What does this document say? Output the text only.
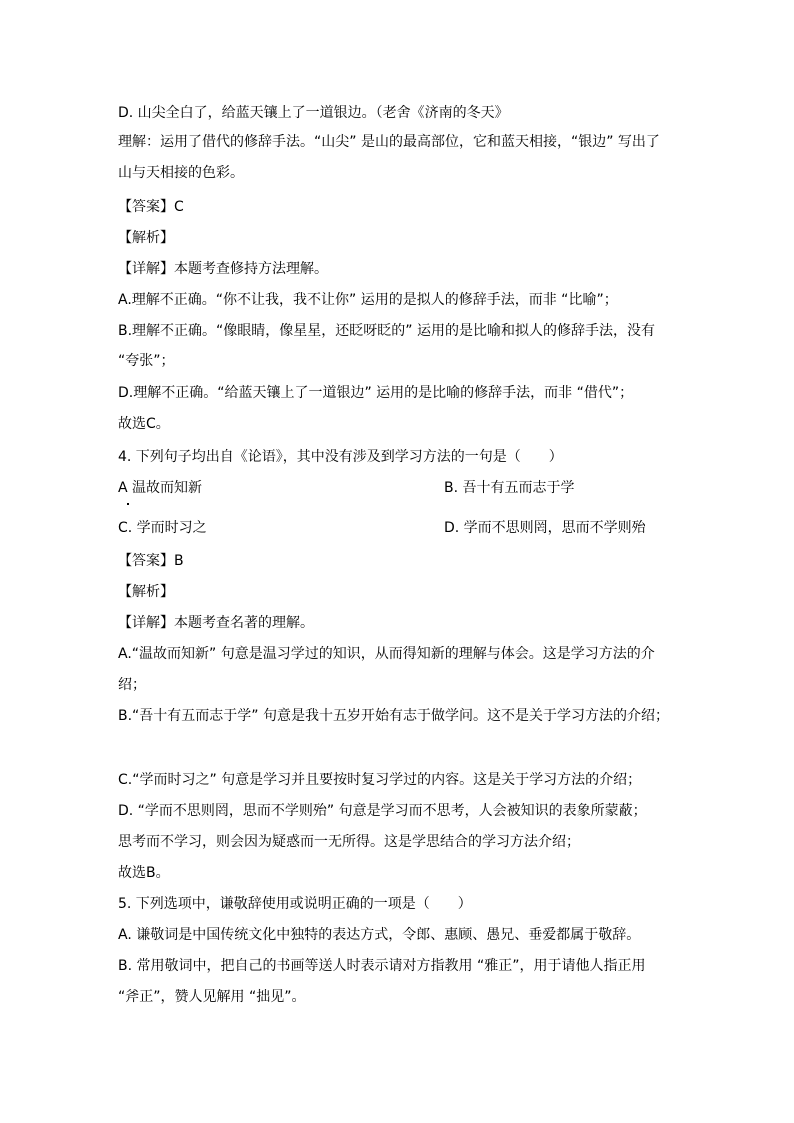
D. 山尖全白了，给蓝天镶上了一道银边。（老舍《济南的冬天》
理解：运用了借代的修辞手法。“山尖” 是山的最高部位，它和蓝天相接，“银边” 写出了
山与天相接的色彩。
【答案】C
【解析】
【详解】本题考查修持方法理解。
A.理解不正确。“你不让我，我不让你” 运用的是拟人的修辞手法，而非 “比喻”；
B.理解不正确。“像眼睛，像星星，还眨呀眨的” 运用的是比喻和拟人的修辞手法，没有
“夸张”；
D.理解不正确。“给蓝天镶上了一道银边” 运用的是比喻的修辞手法，而非 “借代”；
故选C。
4. 下列句子均出自《论语》，其中没有涉及到学习方法的一句是（　　）
A 温故而知新	B. 吾十有五而志于学
C. 学而时习之	D. 学而不思则罔，思而不学则殆
【答案】B
【解析】
【详解】本题考查名著的理解。
A.“温故而知新” 句意是温习学过的知识，从而得知新的理解与体会。这是学习方法的介
绍；
B.“吾十有五而志于学” 句意是我十五岁开始有志于做学问。这不是关于学习方法的介绍；
C.“学而时习之” 句意是学习并且要按时复习学过的内容。这是关于学习方法的介绍；
D. “学而不思则罔，思而不学则殆” 句意是学习而不思考，人会被知识的表象所蒙蔽；
思考而不学习，则会因为疑惑而一无所得。这是学思结合的学习方法介绍；
故选B。
5. 下列选项中，谦敬辞使用或说明正确的一项是（　　）
A. 谦敬词是中国传统文化中独特的表达方式，令郎、惠顾、愚兄、垂爱都属于敬辞。
B. 常用敬词中，把自己的书画等送人时表示请对方指教用 “雅正”，用于请他人指正用
“斧正”，赞人见解用 “拙见”。
